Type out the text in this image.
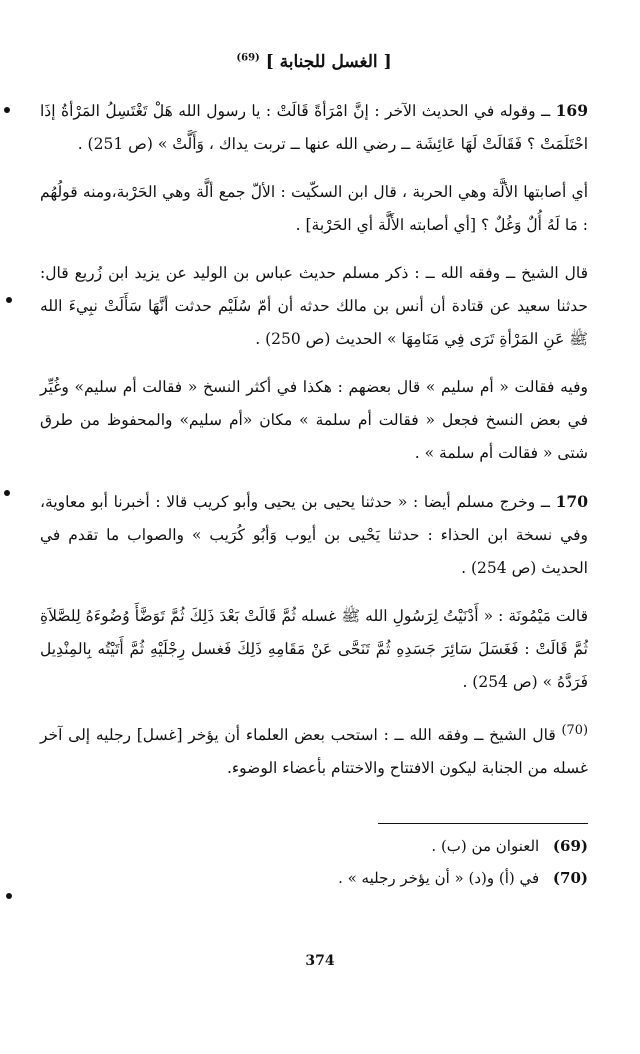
[ الغسل للجنابة ] $^{(69)}$

169 ــ وقوله في الحديث الآخر : إنَّ امْرَأةً قَالَتْ : يا رسول الله هَلْ تَغْتَسِلُ المَرْأةُ إذَا احْتَلَمَتْ ؟ فَقَالَتْ لَهَا عَائِشَة ــ رضي الله عنها ــ تربت يداك ، وَأَلَّتْ » (ص 251) .

أي أصابتها الألَّة وهي الحربة ، قال ابن السكّيت : الألّ جمع ألَّة وهي الحَرْبة،ومنه قولُهُم : مَا لَهُ أُلٌ وَغُلٌ ؟ [أي أصابته الأَلَّة أي الحَرْبة] .

قال الشيخ ــ وفقه الله ــ : ذكر مسلم حديث عباس بن الوليد عن يزيد ابن زُريع قال: حدثنا سعيد عن قتادة أن أنس بن مالك حدثه أن أمّ سُلَيْم حدثت أنَّهَا سَأَلَتْ نبِيءَ الله ﷺ عَنِ المَرْأةِ تَرَى فِي مَنَامِهَا » الحديث (ص 250) .

وفيه فقالت « أم سليم » قال بعضهم : هكذا في أكثر النسخ « فقالت أم سليم» وغُيِّر في بعض النسخ فجعل « فقالت أم سلمة » مكان «أم سليم» والمحفوظ من طرق شتى « فقالت أم سلمة » .

170 ــ وخرج مسلم أيضا : « حدثنا يحيى بن يحيى وأبو كريب قالا : أخبرنا أبو معاوية، وفي نسخة ابن الحذاء : حدثنا يَحْيى بن أيوب وَأبُو كُرَيب » والصواب ما تقدم في الحديث (ص 254) .

قالت مَيْمُونَة : « أَدْنَيْتُ لِرَسُولِ الله ﷺ غسله ثُمَّ قَالَتْ بَعْدَ ذَلِكَ ثُمَّ تَوَضَّأَ وُضُوءَهُ لِلصَّلاَةِ ثُمَّ قَالَتْ : فَغَسَلَ سَائِرَ جَسَدِهِ ثُمَّ تَنَحَّى عَنْ مَقَامِهِ ذَلِكَ فَغسل رِجْلَيْهِ ثُمَّ أَتَيْتُه بِالمِنْدِيل فَرَدَّهُ » (ص 254) .

$^{(70)}$ قال الشيخ ــ وفقه الله ــ : استحب بعض العلماء أن يؤخر [غسل] رجليه إلى آخر غسله من الجنابة ليكون الافتتاح والاختتام بأعضاء الوضوء.

(69) العنوان من (ب) .
(70) في (أ) و(د) « أن يؤخر رجليه » .
374
